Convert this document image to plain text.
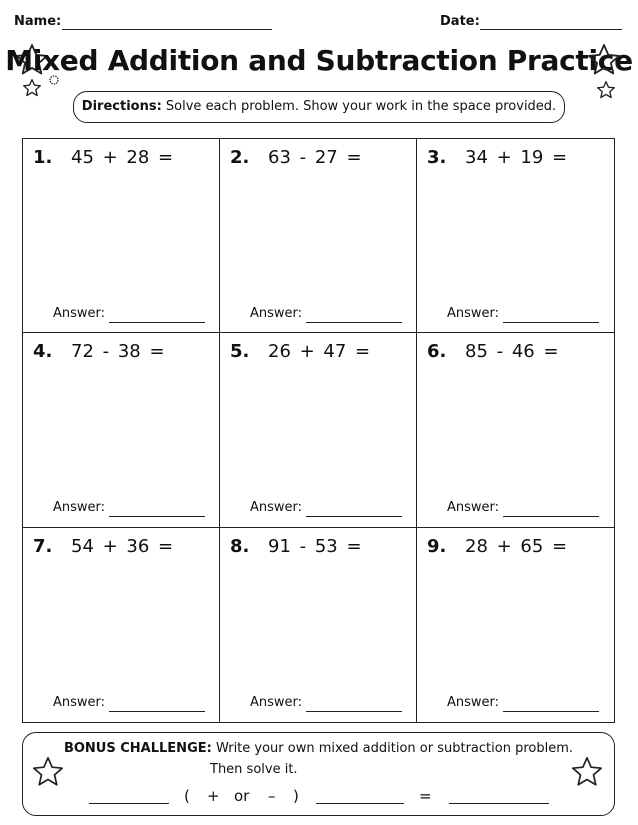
Name:	Date:
Mixed Addition and Subtraction Practice
Directions: Solve each problem. Show your work in the space provided.
1. 45 + 28 =
Answer:
2. 63 - 27 =
Answer:
3. 34 + 19 =
Answer:
4. 72 - 38 =
Answer:
5. 26 + 47 =
Answer:
6. 85 - 46 =
Answer:
7. 54 + 36 =
Answer:
8. 91 - 53 =
Answer:
9. 28 + 65 =
Answer:
BONUS CHALLENGE: Write your own mixed addition or subtraction problem.
Then solve it.
( + or – )	=
